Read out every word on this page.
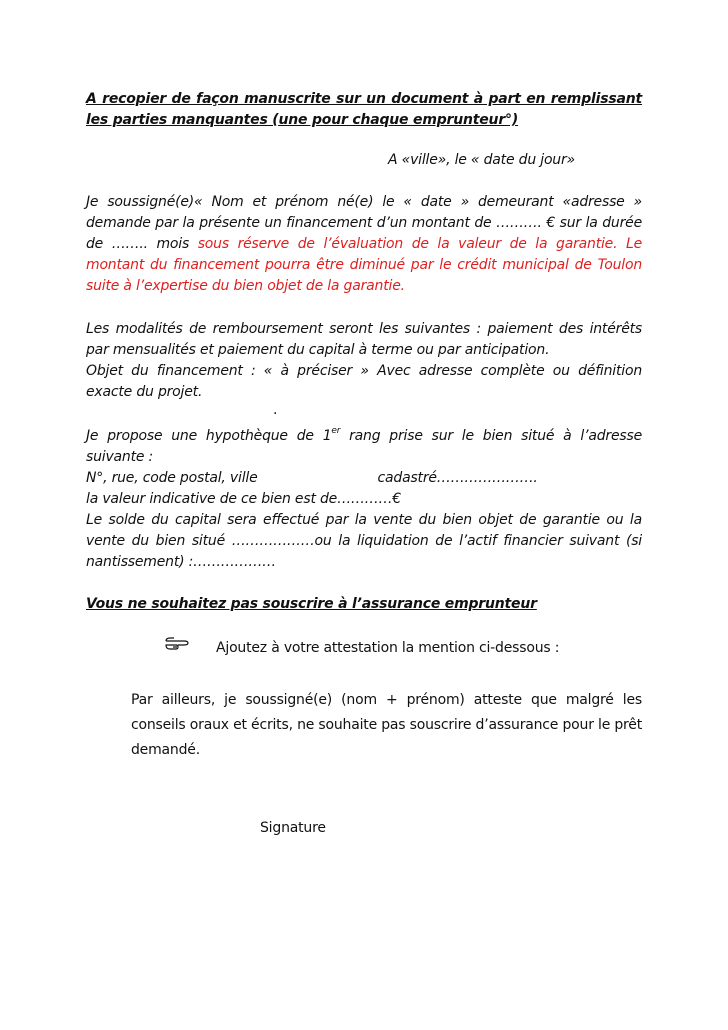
A recopier de façon manuscrite sur un document à part en remplissant les parties manquantes (une pour chaque emprunteur°)
A «ville», le « date du jour»
Je soussigné(e)« Nom et prénom né(e) le « date » demeurant «adresse » demande par la présente un financement d’un montant de ………. € sur la durée de …….. mois sous réserve de l’évaluation de la valeur de la garantie. Le montant du financement pourra être diminué par le crédit municipal de Toulon suite à l’expertise du bien objet de la garantie.
Les modalités de remboursement seront les suivantes : paiement des intérêts par mensualités et paiement du capital à terme ou par anticipation.
Objet du financement : « à préciser » Avec adresse complète ou définition exacte du projet.
.
Je propose une hypothèque de 1er rang prise sur le bien situé à l’adresse suivante :
N°, rue, code postal, ville	cadastré………………….
la valeur indicative de ce bien est de…………€
Le solde du capital sera effectué par la vente du bien objet de garantie ou la vente du bien situé ………………ou la liquidation de l’actif financier suivant (si nantissement) :………………
Vous ne souhaitez pas souscrire à l’assurance emprunteur
Ajoutez à votre attestation la mention ci-dessous :
Par ailleurs, je soussigné(e) (nom + prénom) atteste que malgré les conseils oraux et écrits, ne souhaite pas souscrire d’assurance pour le prêt demandé.
Signature
